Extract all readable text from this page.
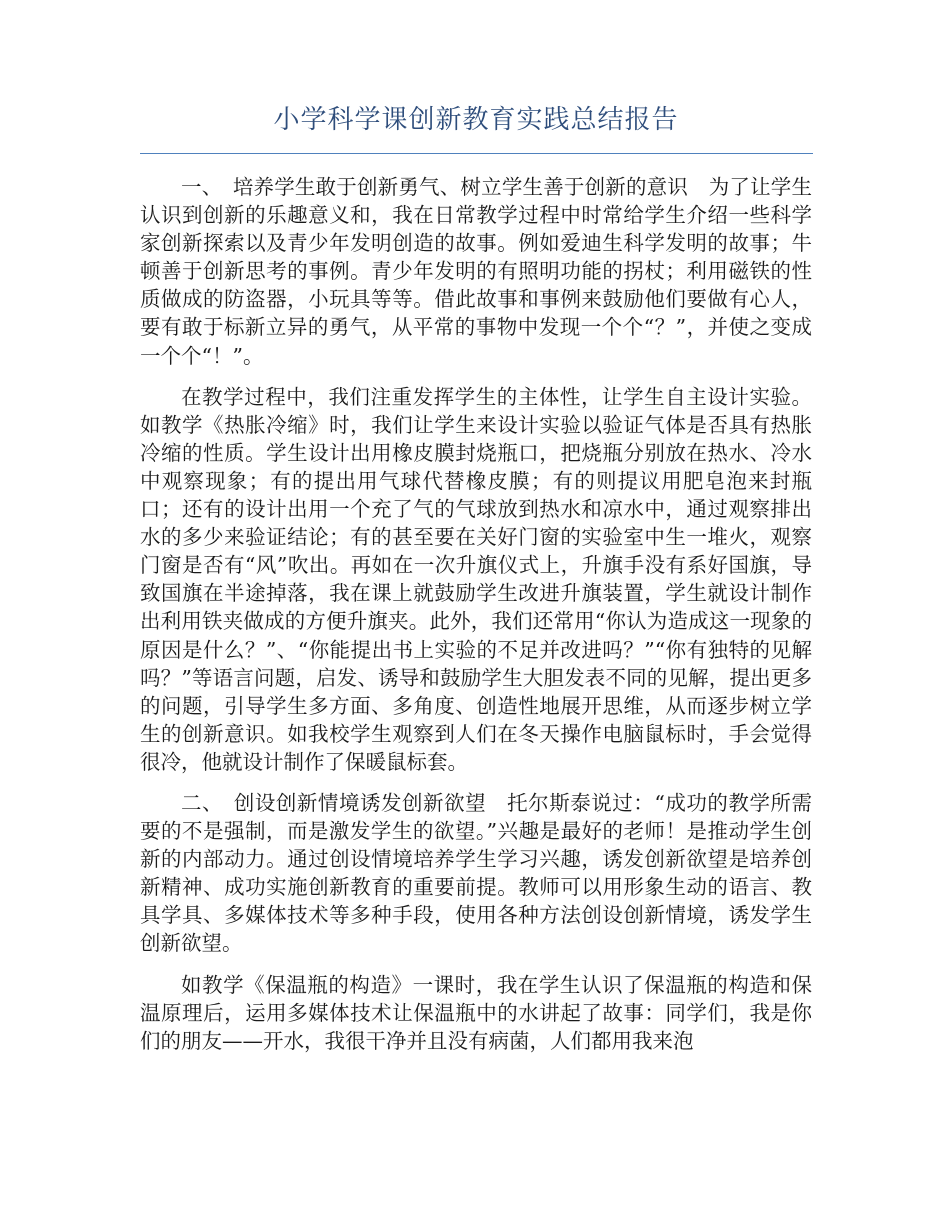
小学科学课创新教育实践总结报告

一、　培养学生敢于创新勇气、树立学生善于创新的意识　为了让学生认识到创新的乐趣意义和，我在日常教学过程中时常给学生介绍一些科学家创新探索以及青少年发明创造的故事。例如爱迪生科学发明的故事；牛顿善于创新思考的事例。青少年发明的有照明功能的拐杖；利用磁铁的性质做成的防盗器，小玩具等等。借此故事和事例来鼓励他们要做有心人，要有敢于标新立异的勇气，从平常的事物中发现一个个“？”，并使之变成一个个“！”。

在教学过程中，我们注重发挥学生的主体性，让学生自主设计实验。如教学《热胀冷缩》时，我们让学生来设计实验以验证气体是否具有热胀冷缩的性质。学生设计出用橡皮膜封烧瓶口，把烧瓶分别放在热水、冷水中观察现象；有的提出用气球代替橡皮膜；有的则提议用肥皂泡来封瓶口；还有的设计出用一个充了气的气球放到热水和凉水中，通过观察排出水的多少来验证结论；有的甚至要在关好门窗的实验室中生一堆火，观察门窗是否有“风”吹出。再如在一次升旗仪式上，升旗手没有系好国旗，导致国旗在半途掉落，我在课上就鼓励学生改进升旗装置，学生就设计制作出利用铁夹做成的方便升旗夹。此外，我们还常用“你认为造成这一现象的原因是什么？”、“你能提出书上实验的不足并改进吗？”“你有独特的见解吗？”等语言问题，启发、诱导和鼓励学生大胆发表不同的见解，提出更多的问题，引导学生多方面、多角度、创造性地展开思维，从而逐步树立学生的创新意识。如我校学生观察到人们在冬天操作电脑鼠标时，手会觉得很冷，他就设计制作了保暖鼠标套。

二、　创设创新情境诱发创新欲望　托尔斯泰说过：“成功的教学所需要的不是强制，而是激发学生的欲望。”兴趣是最好的老师！是推动学生创新的内部动力。通过创设情境培养学生学习兴趣，诱发创新欲望是培养创新精神、成功实施创新教育的重要前提。教师可以用形象生动的语言、教具学具、多媒体技术等多种手段，使用各种方法创设创新情境，诱发学生创新欲望。

如教学《保温瓶的构造》一课时，我在学生认识了保温瓶的构造和保温原理后，运用多媒体技术让保温瓶中的水讲起了故事：同学们，我是你们的朋友——开水，我很干净并且没有病菌，人们都用我来泡
